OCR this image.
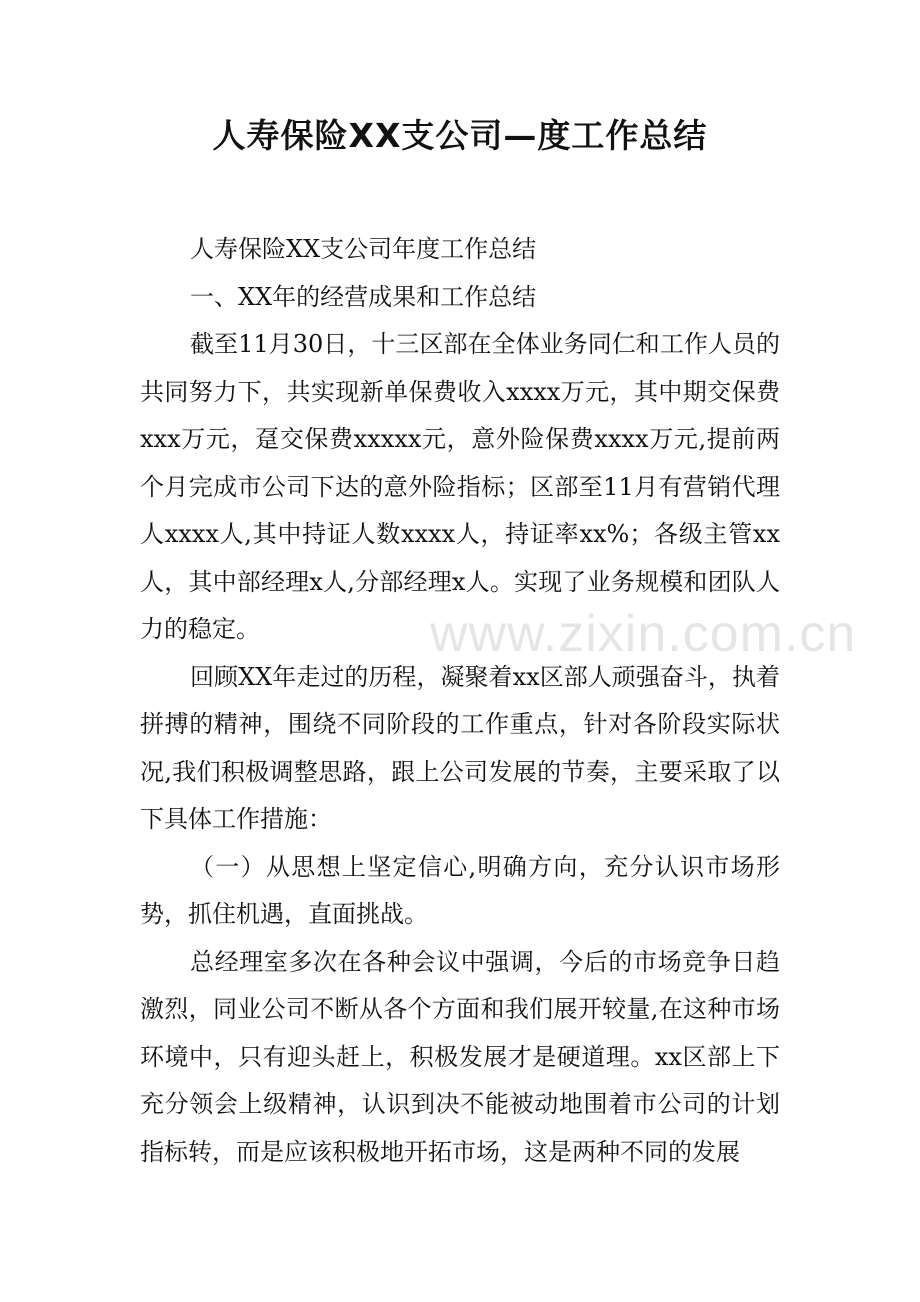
人寿保险XX支公司—度工作总结

人寿保险XX支公司年度工作总结

一、XX年的经营成果和工作总结

截至11月30日，十三区部在全体业务同仁和工作人员的共同努力下，共实现新单保费收入xxxx万元，其中期交保费xxx万元，趸交保费xxxxx元，意外险保费xxxx万元,提前两个月完成市公司下达的意外险指标；区部至11月有营销代理人xxxx人,其中持证人数xxxx人，持证率xx%；各级主管xx人，其中部经理x人,分部经理x人。实现了业务规模和团队人力的稳定。

回顾XX年走过的历程，凝聚着xx区部人顽强奋斗，执着拼搏的精神，围绕不同阶段的工作重点，针对各阶段实际状况,我们积极调整思路，跟上公司发展的节奏，主要采取了以下具体工作措施：

（一）从思想上坚定信心,明确方向，充分认识市场形势，抓住机遇，直面挑战。

总经理室多次在各种会议中强调，今后的市场竞争日趋激烈，同业公司不断从各个方面和我们展开较量,在这种市场环境中，只有迎头赶上，积极发展才是硬道理。xx区部上下充分领会上级精神，认识到决不能被动地围着市公司的计划指标转，而是应该积极地开拓市场，这是两种不同的发展

www.zixin.com.cn
